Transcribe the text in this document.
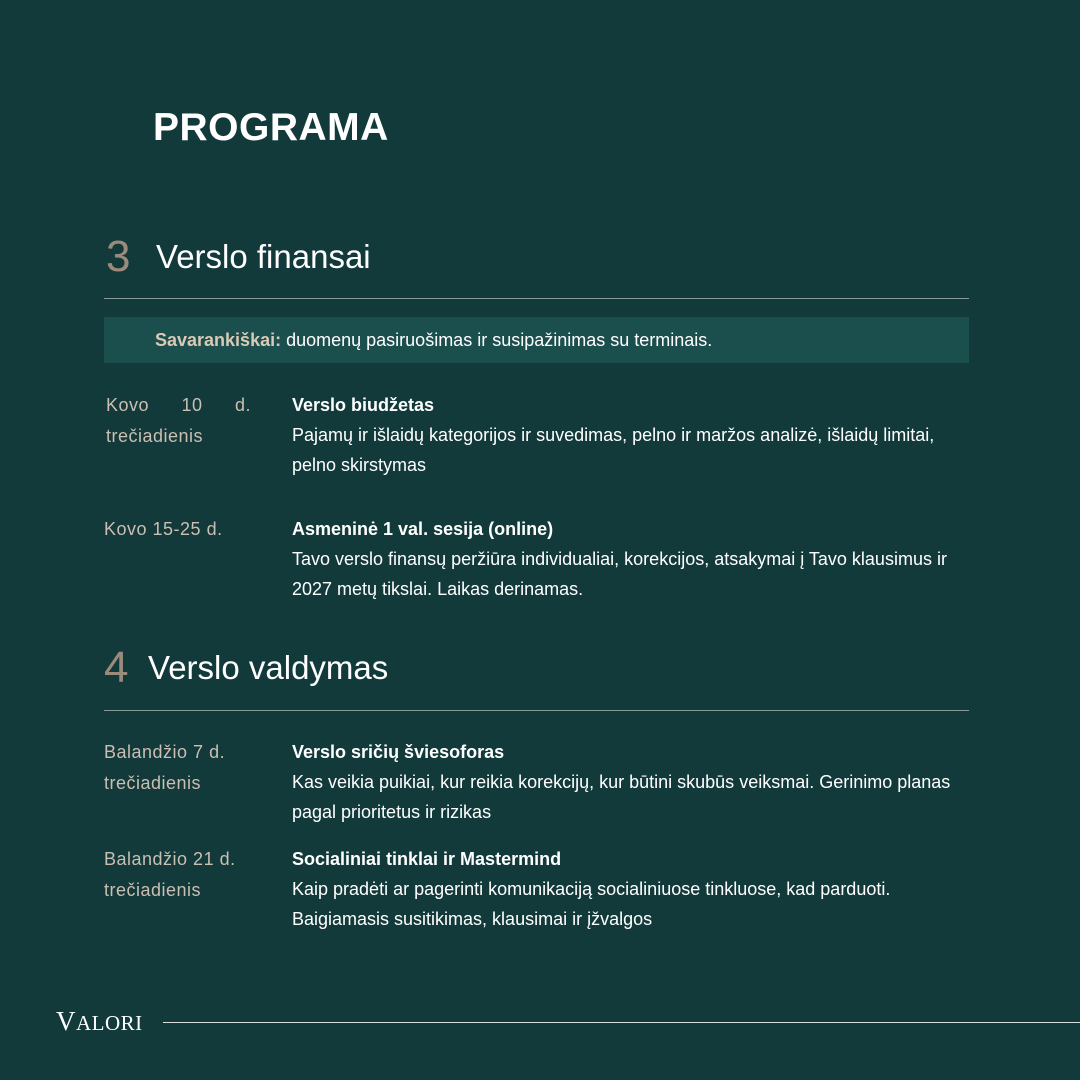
PROGRAMA
3 Verslo finansai
Savarankiškai: duomenų pasiruošimas ir susipažinimas su terminais.
Kovo 10 d.
trečiadienis
Verslo biudžetas
Pajamų ir išlaidų kategorijos ir suvedimas, pelno ir maržos analizė, išlaidų limitai, pelno skirstymas
Kovo 15-25 d.	Asmeninė 1 val. sesija (online)
Tavo verslo finansų peržiūra individualiai, korekcijos, atsakymai į Tavo klausimus ir 2027 metų tikslai. Laikas derinamas.
4 Verslo valdymas
Balandžio 7 d.
trečiadienis
Verslo sričių šviesoforas
Kas veikia puikiai, kur reikia korekcijų, kur būtini skubūs veiksmai. Gerinimo planas pagal prioritetus ir rizikas
Balandžio 21 d.
trečiadienis
Socialiniai tinklai ir Mastermind
Kaip pradėti ar pagerinti komunikaciją socialiniuose tinkluose, kad parduoti. Baigiamasis susitikimas, klausimai ir įžvalgos
VALORI
